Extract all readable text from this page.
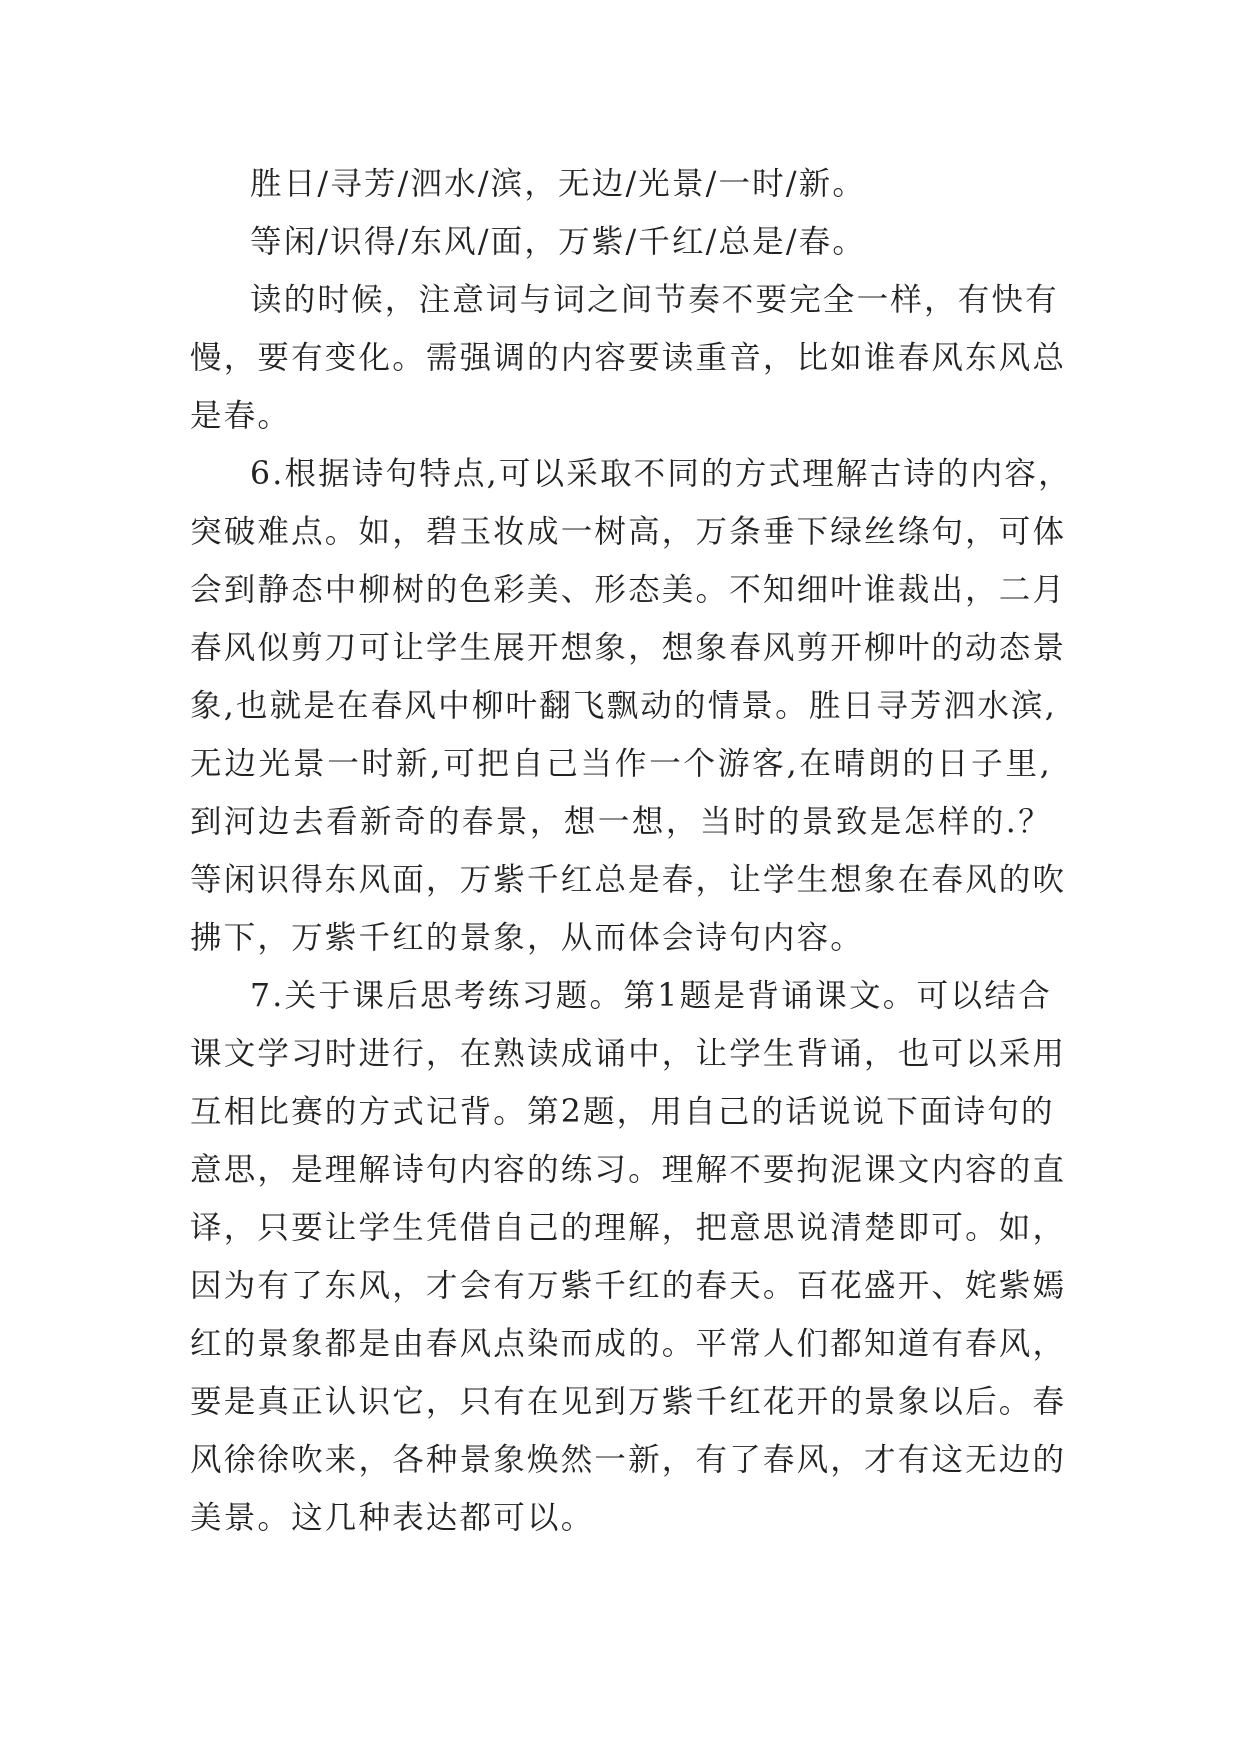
胜日/寻芳/泗水/滨，无边/光景/一时/新。
等闲/识得/东风/面，万紫/千红/总是/春。
读的时候，注意词与词之间节奏不要完全一样，有快有
慢，要有变化。需强调的内容要读重音，比如谁春风东风总
是春。
6.根据诗句特点,可以采取不同的方式理解古诗的内容，
突破难点。如，碧玉妆成一树高，万条垂下绿丝绦句，可体
会到静态中柳树的色彩美、形态美。不知细叶谁裁出，二月
春风似剪刀可让学生展开想象，想象春风剪开柳叶的动态景
象,也就是在春风中柳叶翻飞飘动的情景。胜日寻芳泗水滨,
无边光景一时新,可把自己当作一个游客,在晴朗的日子里,
到河边去看新奇的春景，想一想，当时的景致是怎样的.？
等闲识得东风面，万紫千红总是春，让学生想象在春风的吹
拂下，万紫千红的景象，从而体会诗句内容。
7.关于课后思考练习题。第1题是背诵课文。可以结合
课文学习时进行，在熟读成诵中，让学生背诵，也可以采用
互相比赛的方式记背。第2题，用自己的话说说下面诗句的
意思，是理解诗句内容的练习。理解不要拘泥课文内容的直
译，只要让学生凭借自己的理解，把意思说清楚即可。如，
因为有了东风，才会有万紫千红的春天。百花盛开、姹紫嫣
红的景象都是由春风点染而成的。平常人们都知道有春风，
要是真正认识它，只有在见到万紫千红花开的景象以后。春
风徐徐吹来，各种景象焕然一新，有了春风，才有这无边的
美景。这几种表达都可以。
